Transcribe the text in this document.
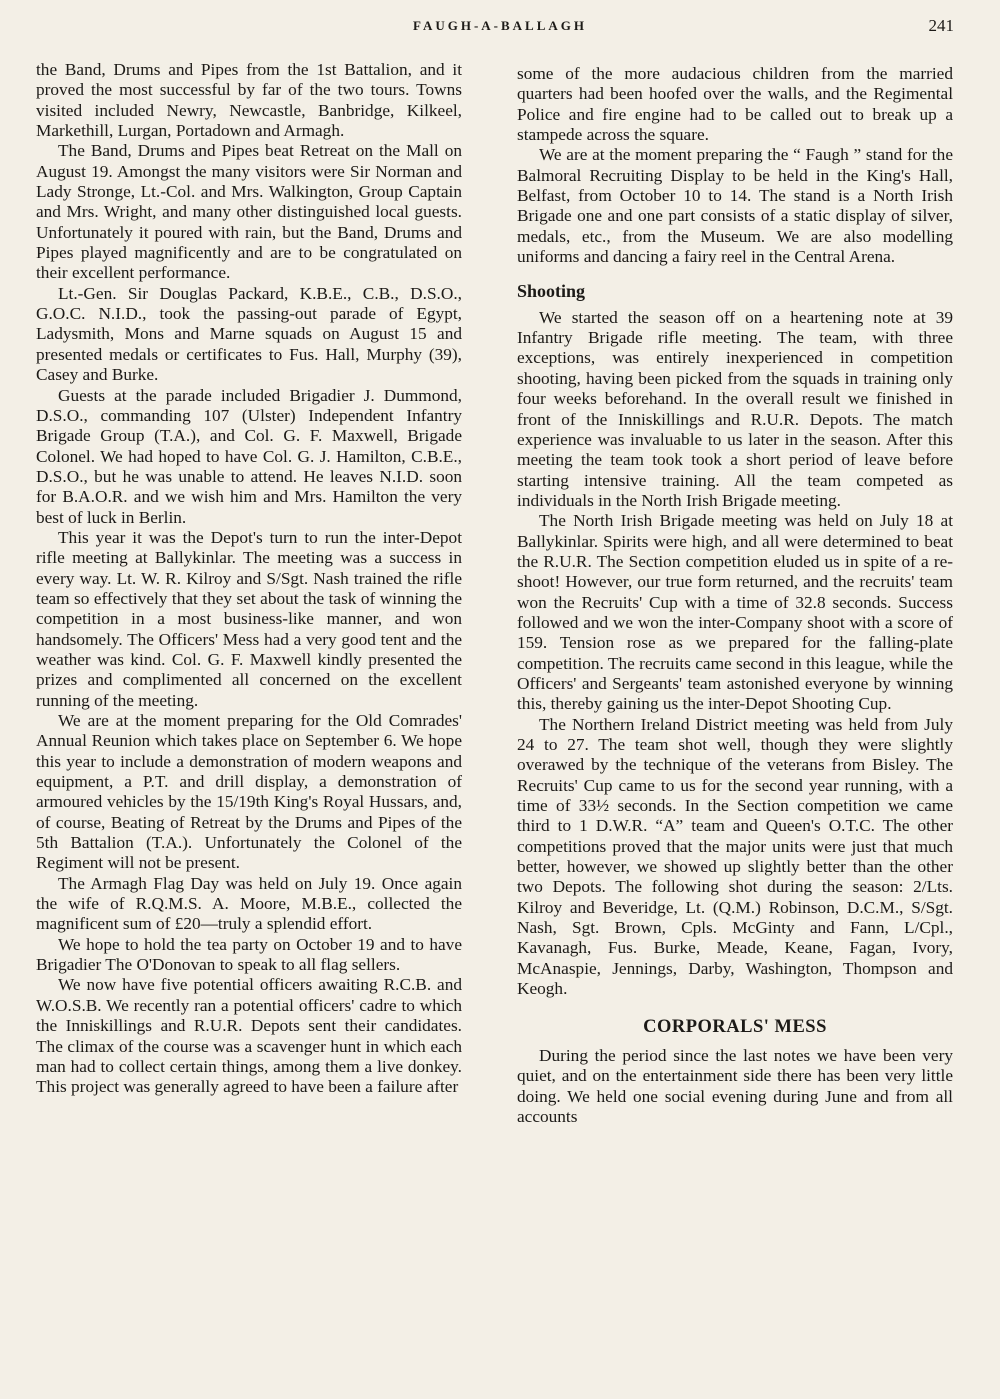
FAUGH-A-BALLAGH	241

the Band, Drums and Pipes from the 1st Battalion, and it proved the most successful by far of the two tours. Towns visited included Newry, Newcastle, Banbridge, Kilkeel, Markethill, Lurgan, Portadown and Armagh.

The Band, Drums and Pipes beat Retreat on the Mall on August 19. Amongst the many visitors were Sir Norman and Lady Stronge, Lt.-Col. and Mrs. Walkington, Group Captain and Mrs. Wright, and many other distinguished local guests. Unfortunately it poured with rain, but the Band, Drums and Pipes played magnificently and are to be congratulated on their excellent performance.

Lt.-Gen. Sir Douglas Packard, K.B.E., C.B., D.S.O., G.O.C. N.I.D., took the passing-out parade of Egypt, Ladysmith, Mons and Marne squads on August 15 and presented medals or certificates to Fus. Hall, Murphy (39), Casey and Burke.

Guests at the parade included Brigadier J. Dummond, D.S.O., commanding 107 (Ulster) Independent Infantry Brigade Group (T.A.), and Col. G. F. Maxwell, Brigade Colonel. We had hoped to have Col. G. J. Hamilton, C.B.E., D.S.O., but he was unable to attend. He leaves N.I.D. soon for B.A.O.R. and we wish him and Mrs. Hamilton the very best of luck in Berlin.

This year it was the Depot's turn to run the inter-Depot rifle meeting at Ballykinlar. The meeting was a success in every way. Lt. W. R. Kilroy and S/Sgt. Nash trained the rifle team so effectively that they set about the task of winning the competition in a most business-like manner, and won handsomely. The Officers' Mess had a very good tent and the weather was kind. Col. G. F. Maxwell kindly presented the prizes and complimented all concerned on the excellent running of the meeting.

We are at the moment preparing for the Old Comrades' Annual Reunion which takes place on September 6. We hope this year to include a demonstration of modern weapons and equipment, a P.T. and drill display, a demonstration of armoured vehicles by the 15/19th King's Royal Hussars, and, of course, Beating of Retreat by the Drums and Pipes of the 5th Battalion (T.A.). Unfortunately the Colonel of the Regiment will not be present.

The Armagh Flag Day was held on July 19. Once again the wife of R.Q.M.S. A. Moore, M.B.E., collected the magnificent sum of £20—truly a splendid effort.

We hope to hold the tea party on October 19 and to have Brigadier The O'Donovan to speak to all flag sellers.

We now have five potential officers awaiting R.C.B. and W.O.S.B. We recently ran a potential officers' cadre to which the Inniskillings and R.U.R. Depots sent their candidates. The climax of the course was a scavenger hunt in which each man had to collect certain things, among them a live donkey. This project was generally agreed to have been a failure after

some of the more audacious children from the married quarters had been hoofed over the walls, and the Regimental Police and fire engine had to be called out to break up a stampede across the square.

We are at the moment preparing the “ Faugh ” stand for the Balmoral Recruiting Display to be held in the King's Hall, Belfast, from October 10 to 14. The stand is a North Irish Brigade one and one part consists of a static display of silver, medals, etc., from the Museum. We are also modelling uniforms and dancing a fairy reel in the Central Arena.

Shooting

We started the season off on a heartening note at 39 Infantry Brigade rifle meeting. The team, with three exceptions, was entirely inexperienced in competition shooting, having been picked from the squads in training only four weeks beforehand. In the overall result we finished in front of the Inniskillings and R.U.R. Depots. The match experience was invaluable to us later in the season. After this meeting the team took took a short period of leave before starting intensive training. All the team competed as individuals in the North Irish Brigade meeting.

The North Irish Brigade meeting was held on July 18 at Ballykinlar. Spirits were high, and all were determined to beat the R.U.R. The Section competition eluded us in spite of a re-shoot! However, our true form returned, and the recruits' team won the Recruits' Cup with a time of 32.8 seconds. Success followed and we won the inter-Company shoot with a score of 159. Tension rose as we prepared for the falling-plate competition. The recruits came second in this league, while the Officers' and Sergeants' team astonished everyone by winning this, thereby gaining us the inter-Depot Shooting Cup.

The Northern Ireland District meeting was held from July 24 to 27. The team shot well, though they were slightly overawed by the technique of the veterans from Bisley. The Recruits' Cup came to us for the second year running, with a time of 33½ seconds. In the Section competition we came third to 1 D.W.R. “A” team and Queen's O.T.C. The other competitions proved that the major units were just that much better, however, we showed up slightly better than the other two Depots. The following shot during the season: 2/Lts. Kilroy and Beveridge, Lt. (Q.M.) Robinson, D.C.M., S/Sgt. Nash, Sgt. Brown, Cpls. McGinty and Fann, L/Cpl., Kavanagh, Fus. Burke, Meade, Keane, Fagan, Ivory, McAnaspie, Jennings, Darby, Washington, Thompson and Keogh.

CORPORALS' MESS

During the period since the last notes we have been very quiet, and on the entertainment side there has been very little doing. We held one social evening during June and from all accounts
